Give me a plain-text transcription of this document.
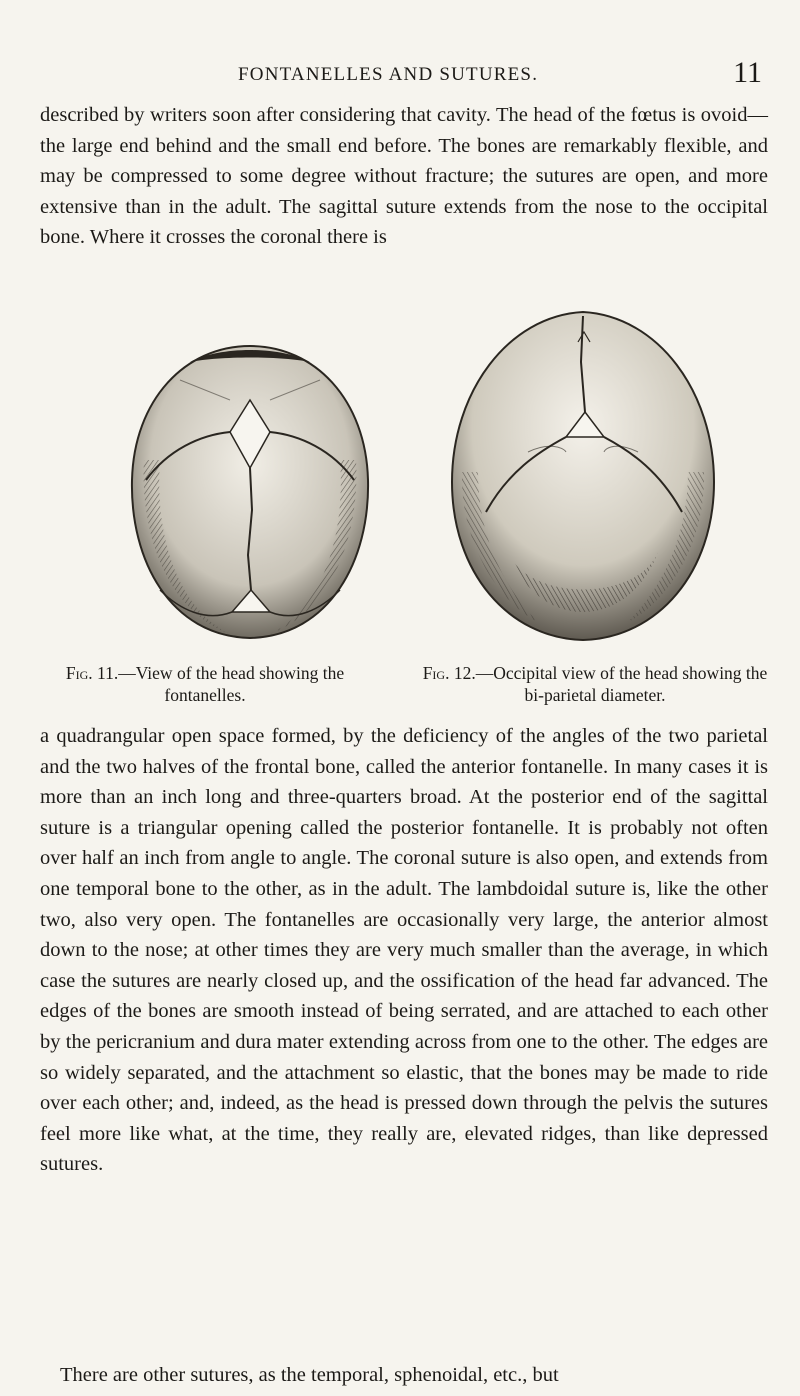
FONTANELLES AND SUTURES.	11

described by writers soon after considering that cavity. The head of the fœtus is ovoid—the large end behind and the small end before. The bones are remarkably flexible, and may be compressed to some degree without fracture; the sutures are open, and more extensive than in the adult. The sagittal suture extends from the nose to the occipital bone. Where it crosses the coronal there is

Fig. 11.—View of the head showing the fontanelles.
Fig. 12.—Occipital view of the head showing the bi-parietal diameter.

a quadrangular open space formed, by the deficiency of the angles of the two parietal and the two halves of the frontal bone, called the anterior fontanelle. In many cases it is more than an inch long and three-quarters broad. At the posterior end of the sagittal suture is a triangular opening called the posterior fontanelle. It is probably not often over half an inch from angle to angle. The coronal suture is also open, and extends from one temporal bone to the other, as in the adult. The lambdoidal suture is, like the other two, also very open. The fontanelles are occasionally very large, the anterior almost down to the nose; at other times they are very much smaller than the average, in which case the sutures are nearly closed up, and the ossification of the head far advanced. The edges of the bones are smooth instead of being serrated, and are attached to each other by the pericranium and dura mater extending across from one to the other. The edges are so widely separated, and the attachment so elastic, that the bones may be made to ride over each other; and, indeed, as the head is pressed down through the pelvis the sutures feel more like what, at the time, they really are, elevated ridges, than like depressed sutures.

There are other sutures, as the temporal, sphenoidal, etc., but
